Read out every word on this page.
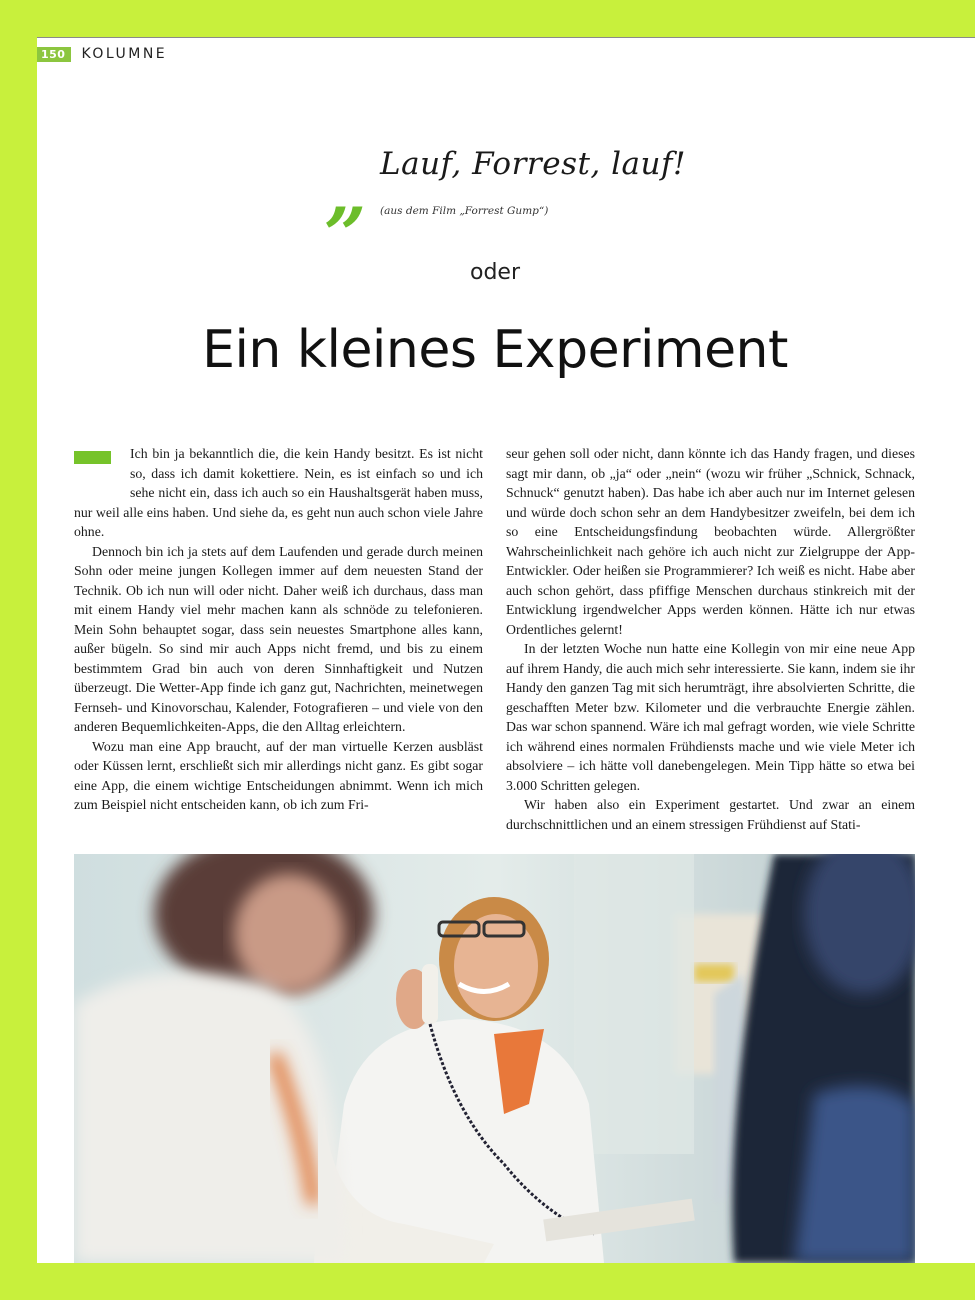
150	KOLUMNE
„ Lauf, Forrest, lauf!
(aus dem Film „Forrest Gump“)
oder
Ein kleines Experiment

Ich bin ja bekanntlich die, die kein Handy besitzt. Es ist nicht so, dass ich damit kokettiere. Nein, es ist einfach so und ich sehe nicht ein, dass ich auch so ein Haushaltsgerät haben muss, nur weil alle eins haben. Und siehe da, es geht nun auch schon viele Jahre ohne.

Dennoch bin ich ja stets auf dem Laufenden und gerade durch meinen Sohn oder meine jungen Kollegen immer auf dem neuesten Stand der Technik. Ob ich nun will oder nicht. Daher weiß ich durchaus, dass man mit einem Handy viel mehr machen kann als schnöde zu telefonieren. Mein Sohn behauptet sogar, dass sein neuestes Smartphone alles kann, außer bügeln. So sind mir auch Apps nicht fremd, und bis zu einem bestimmtem Grad bin auch von deren Sinnhaftigkeit und Nutzen überzeugt. Die Wetter-App finde ich ganz gut, Nachrichten, meinetwegen Fernseh- und Kinovorschau, Kalender, Fotografieren – und viele von den anderen Bequemlichkeiten-Apps, die den Alltag erleichtern.

Wozu man eine App braucht, auf der man virtuelle Kerzen ausbläst oder Küssen lernt, erschließt sich mir allerdings nicht ganz. Es gibt sogar eine App, die einem wichtige Entscheidungen abnimmt. Wenn ich mich zum Beispiel nicht entscheiden kann, ob ich zum Fri-

seur gehen soll oder nicht, dann könnte ich das Handy fragen, und dieses sagt mir dann, ob „ja“ oder „nein“ (wozu wir früher „Schnick, Schnack, Schnuck“ genutzt haben). Das habe ich aber auch nur im Internet gelesen und würde doch schon sehr an dem Handybesitzer zweifeln, bei dem ich so eine Entscheidungsfindung beobachten würde. Allergrößter Wahrscheinlichkeit nach gehöre ich auch nicht zur Zielgruppe der App-Entwickler. Oder heißen sie Programmierer? Ich weiß es nicht. Habe aber auch schon gehört, dass pfiffige Menschen durchaus stinkreich mit der Entwicklung irgendwelcher Apps werden können. Hätte ich nur etwas Ordentliches gelernt!

In der letzten Woche nun hatte eine Kollegin von mir eine neue App auf ihrem Handy, die auch mich sehr interessierte. Sie kann, indem sie ihr Handy den ganzen Tag mit sich herumträgt, ihre absolvierten Schritte, die geschafften Meter bzw. Kilometer und die verbrauchte Energie zählen. Das war schon spannend. Wäre ich mal gefragt worden, wie viele Schritte ich während eines normalen Frühdiensts mache und wie viele Meter ich absolviere – ich hätte voll danebengelegen. Mein Tipp hätte so etwa bei 3.000 Schritten gelegen.

Wir haben also ein Experiment gestartet. Und zwar an einem durchschnittlichen und an einem stressigen Frühdienst auf Stati-
